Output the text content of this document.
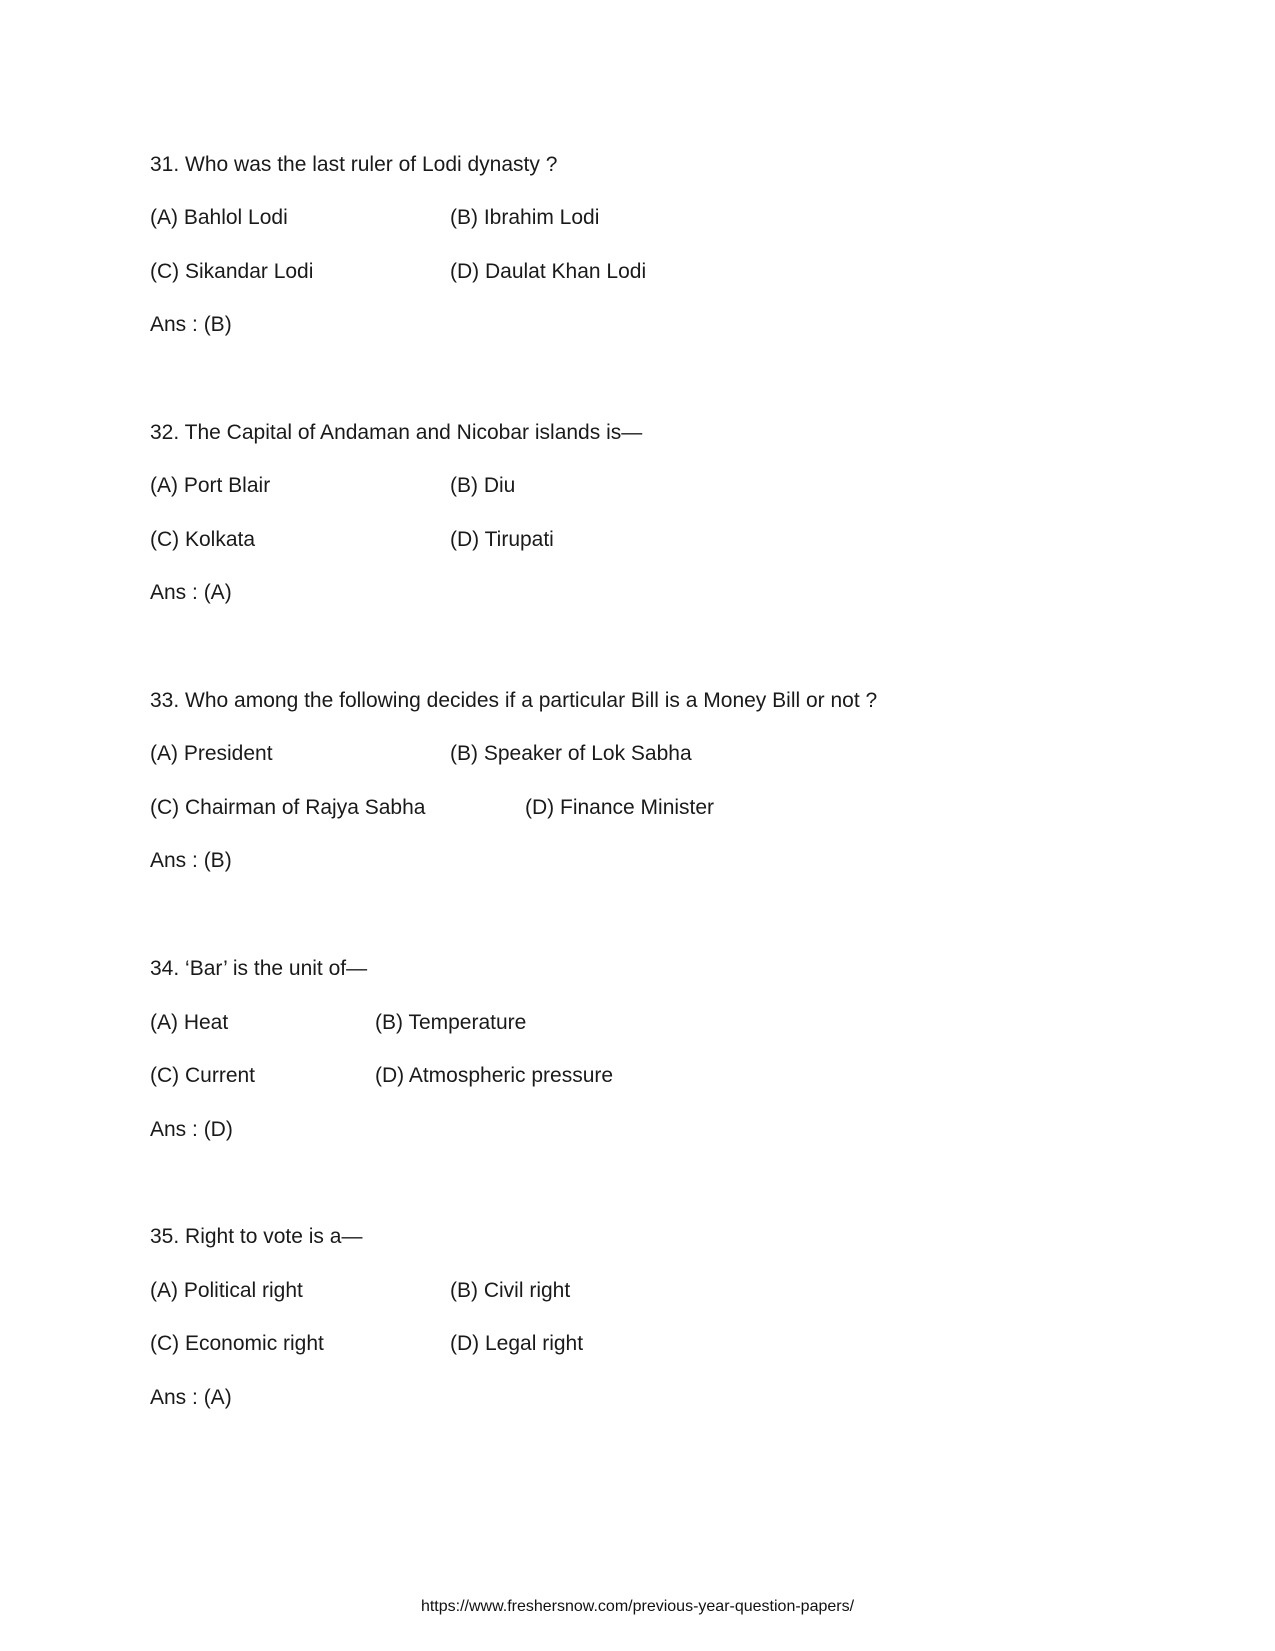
31. Who was the last ruler of Lodi dynasty ?
(A) Bahlol Lodi	(B) Ibrahim Lodi
(C) Sikandar Lodi	(D) Daulat Khan Lodi
Ans : (B)
32. The Capital of Andaman and Nicobar islands is—
(A) Port Blair	(B) Diu
(C) Kolkata	(D) Tirupati
Ans : (A)
33. Who among the following decides if a particular Bill is a Money Bill or not ?
(A) President	(B) Speaker of Lok Sabha
(C) Chairman of Rajya Sabha	(D) Finance Minister
Ans : (B)
34. ‘Bar’ is the unit of—
(A) Heat	(B) Temperature
(C) Current	(D) Atmospheric pressure
Ans : (D)
35. Right to vote is a—
(A) Political right	(B) Civil right
(C) Economic right	(D) Legal right
Ans : (A)
https://www.freshersnow.com/previous-year-question-papers/
